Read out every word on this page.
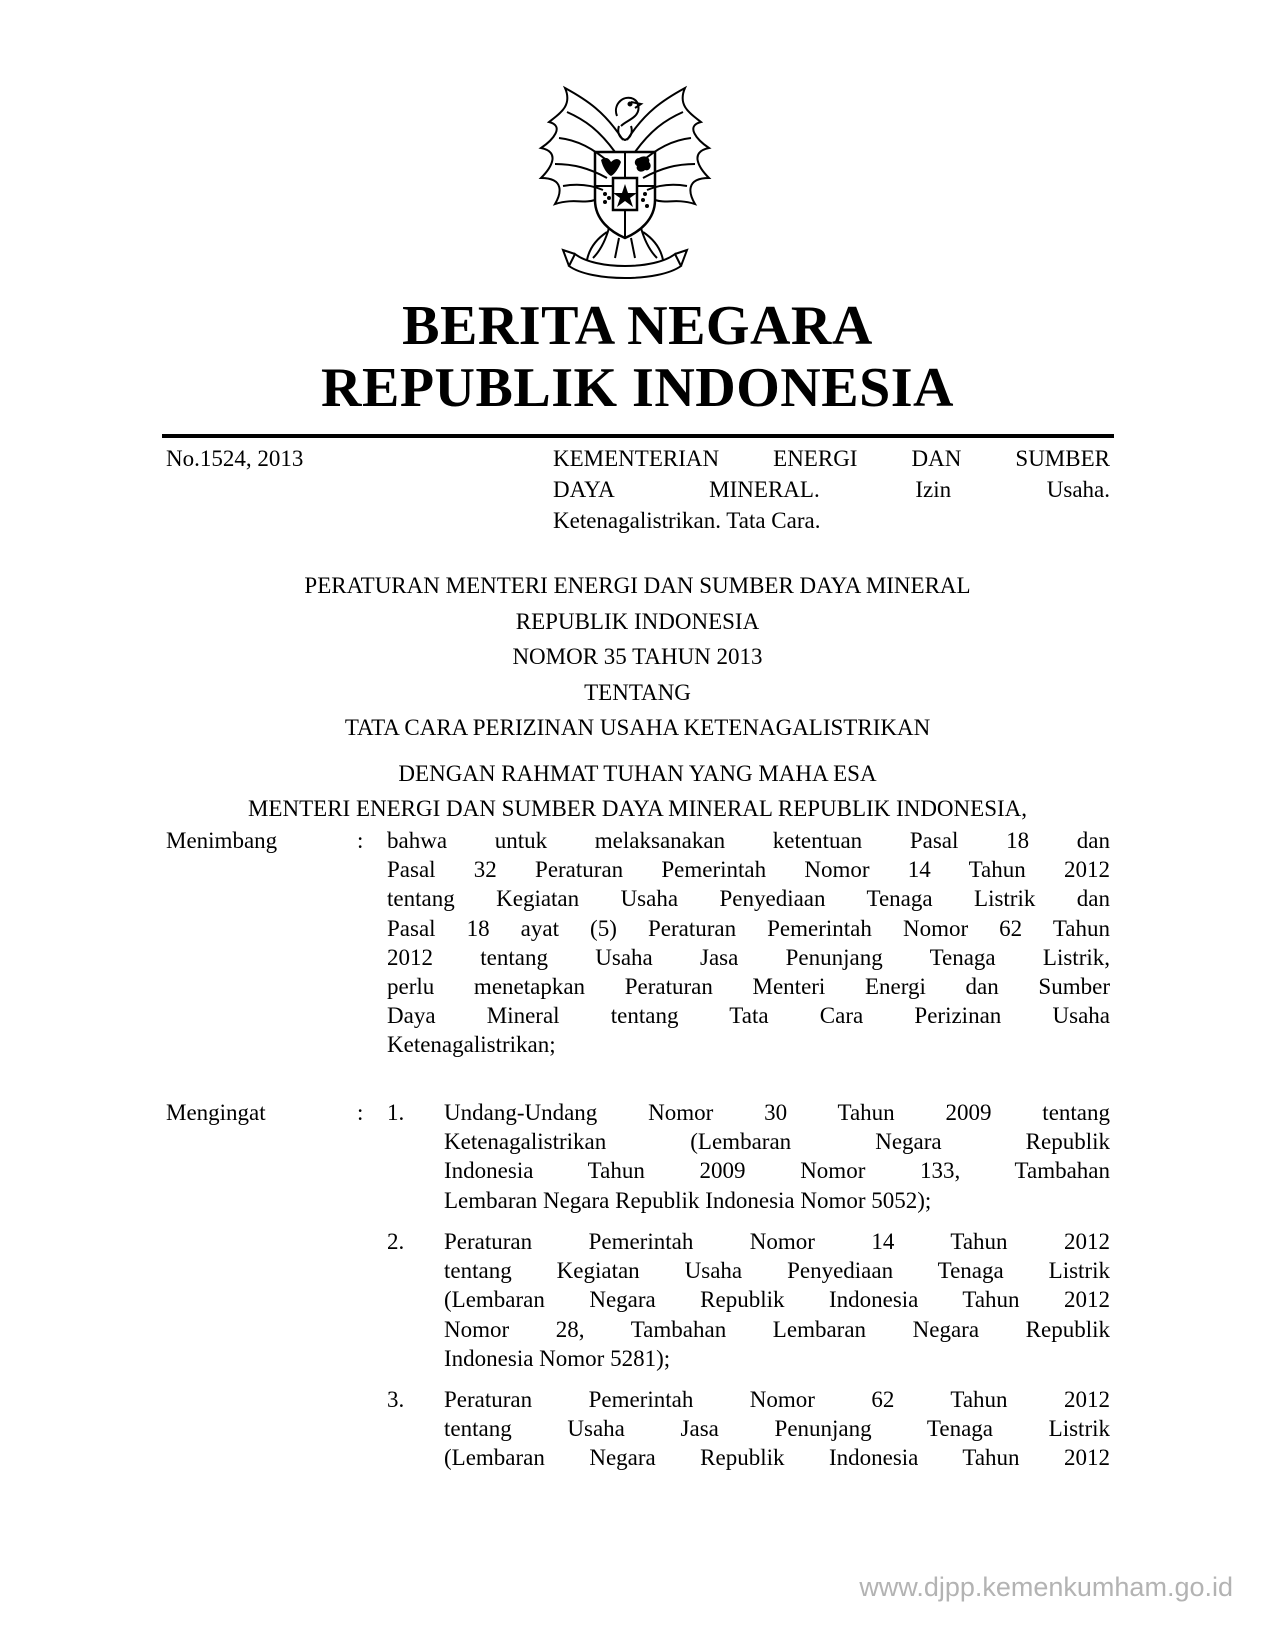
BERITA NEGARA
REPUBLIK INDONESIA
No.1524, 2013	KEMENTERIAN ENERGI DAN SUMBER
DAYA MINERAL. Izin Usaha.
Ketenagalistrikan. Tata Cara.
PERATURAN MENTERI ENERGI DAN SUMBER DAYA MINERAL
REPUBLIK INDONESIA
NOMOR 35 TAHUN 2013
TENTANG
TATA CARA PERIZINAN USAHA KETENAGALISTRIKAN
DENGAN RAHMAT TUHAN YANG MAHA ESA
MENTERI ENERGI DAN SUMBER DAYA MINERAL REPUBLIK INDONESIA,
Menimbang	: bahwa untuk melaksanakan ketentuan Pasal 18 dan
Pasal 32 Peraturan Pemerintah Nomor 14 Tahun 2012
tentang Kegiatan Usaha Penyediaan Tenaga Listrik dan
Pasal 18 ayat (5) Peraturan Pemerintah Nomor 62 Tahun
2012 tentang Usaha Jasa Penunjang Tenaga Listrik,
perlu menetapkan Peraturan Menteri Energi dan Sumber
Daya Mineral tentang Tata Cara Perizinan Usaha
Ketenagalistrikan;
Mengingat	: 1. Undang-Undang Nomor 30 Tahun 2009 tentang
Ketenagalistrikan (Lembaran Negara Republik
Indonesia Tahun 2009 Nomor 133, Tambahan
Lembaran Negara Republik Indonesia Nomor 5052);
2. Peraturan Pemerintah Nomor 14 Tahun 2012
tentang Kegiatan Usaha Penyediaan Tenaga Listrik
(Lembaran Negara Republik Indonesia Tahun 2012
Nomor 28, Tambahan Lembaran Negara Republik
Indonesia Nomor 5281);
3. Peraturan Pemerintah Nomor 62 Tahun 2012
tentang Usaha Jasa Penunjang Tenaga Listrik
(Lembaran Negara Republik Indonesia Tahun 2012
www.djpp.kemenkumham.go.id
